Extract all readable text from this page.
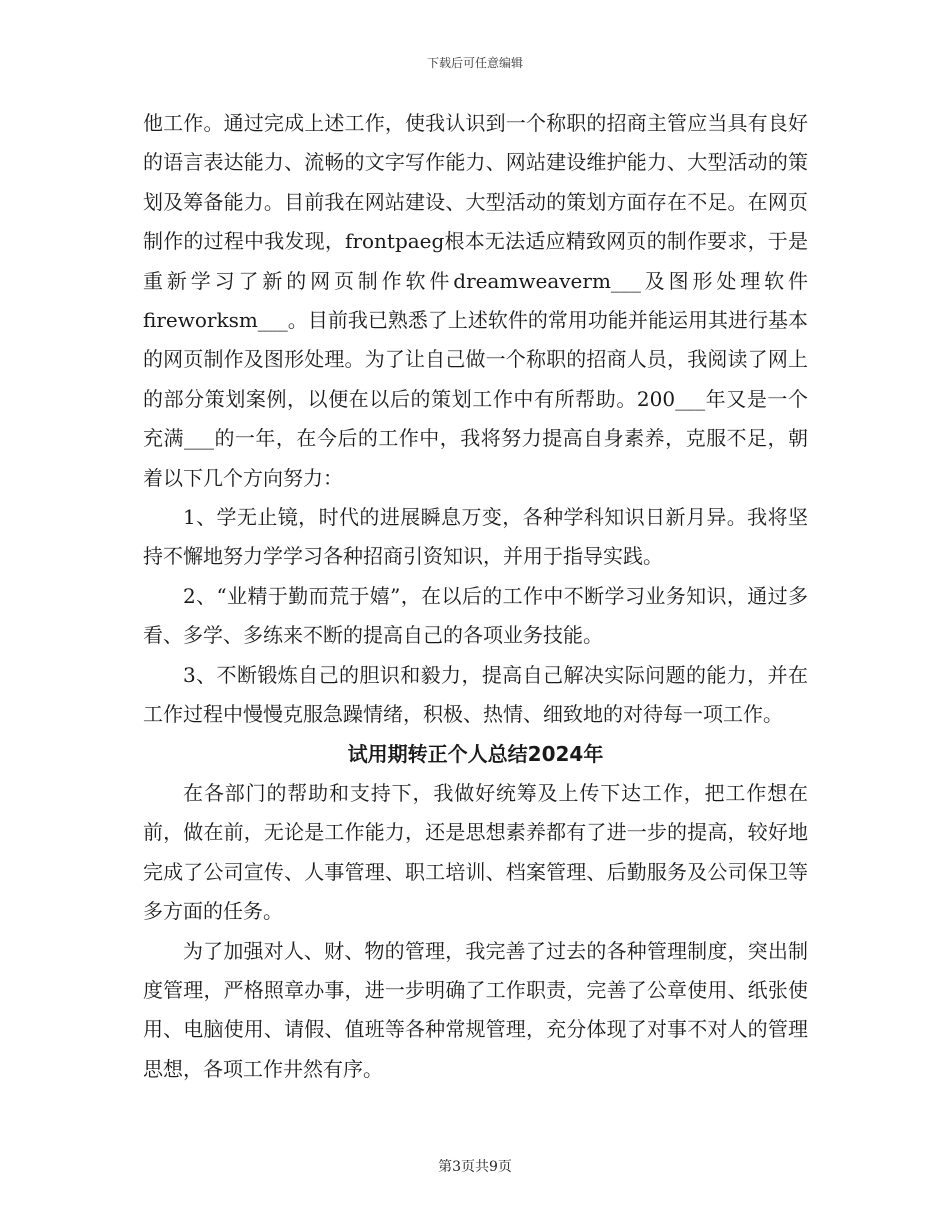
下载后可任意编辑

他工作。通过完成上述工作，使我认识到一个称职的招商主管应当具有良好的语言表达能力、流畅的文字写作能力、网站建设维护能力、大型活动的策划及筹备能力。目前我在网站建设、大型活动的策划方面存在不足。在网页制作的过程中我发现，frontpaeg根本无法适应精致网页的制作要求，于是重新学习了新的网页制作软件dreamweaverm___及图形处理软件fireworksm___。目前我已熟悉了上述软件的常用功能并能运用其进行基本的网页制作及图形处理。为了让自己做一个称职的招商人员，我阅读了网上的部分策划案例，以便在以后的策划工作中有所帮助。200___年又是一个充满___的一年，在今后的工作中，我将努力提高自身素养，克服不足，朝着以下几个方向努力：

1、学无止镜，时代的进展瞬息万变，各种学科知识日新月异。我将坚持不懈地努力学学习各种招商引资知识，并用于指导实践。

2、“业精于勤而荒于嬉”，在以后的工作中不断学习业务知识，通过多看、多学、多练来不断的提高自己的各项业务技能。

3、不断锻炼自己的胆识和毅力，提高自己解决实际问题的能力，并在工作过程中慢慢克服急躁情绪，积极、热情、细致地的对待每一项工作。

试用期转正个人总结2024年

在各部门的帮助和支持下，我做好统筹及上传下达工作，把工作想在前，做在前，无论是工作能力，还是思想素养都有了进一步的提高，较好地完成了公司宣传、人事管理、职工培训、档案管理、后勤服务及公司保卫等多方面的任务。

为了加强对人、财、物的管理，我完善了过去的各种管理制度，突出制度管理，严格照章办事，进一步明确了工作职责，完善了公章使用、纸张使用、电脑使用、请假、值班等各种常规管理，充分体现了对事不对人的管理思想，各项工作井然有序。

第3页共9页
